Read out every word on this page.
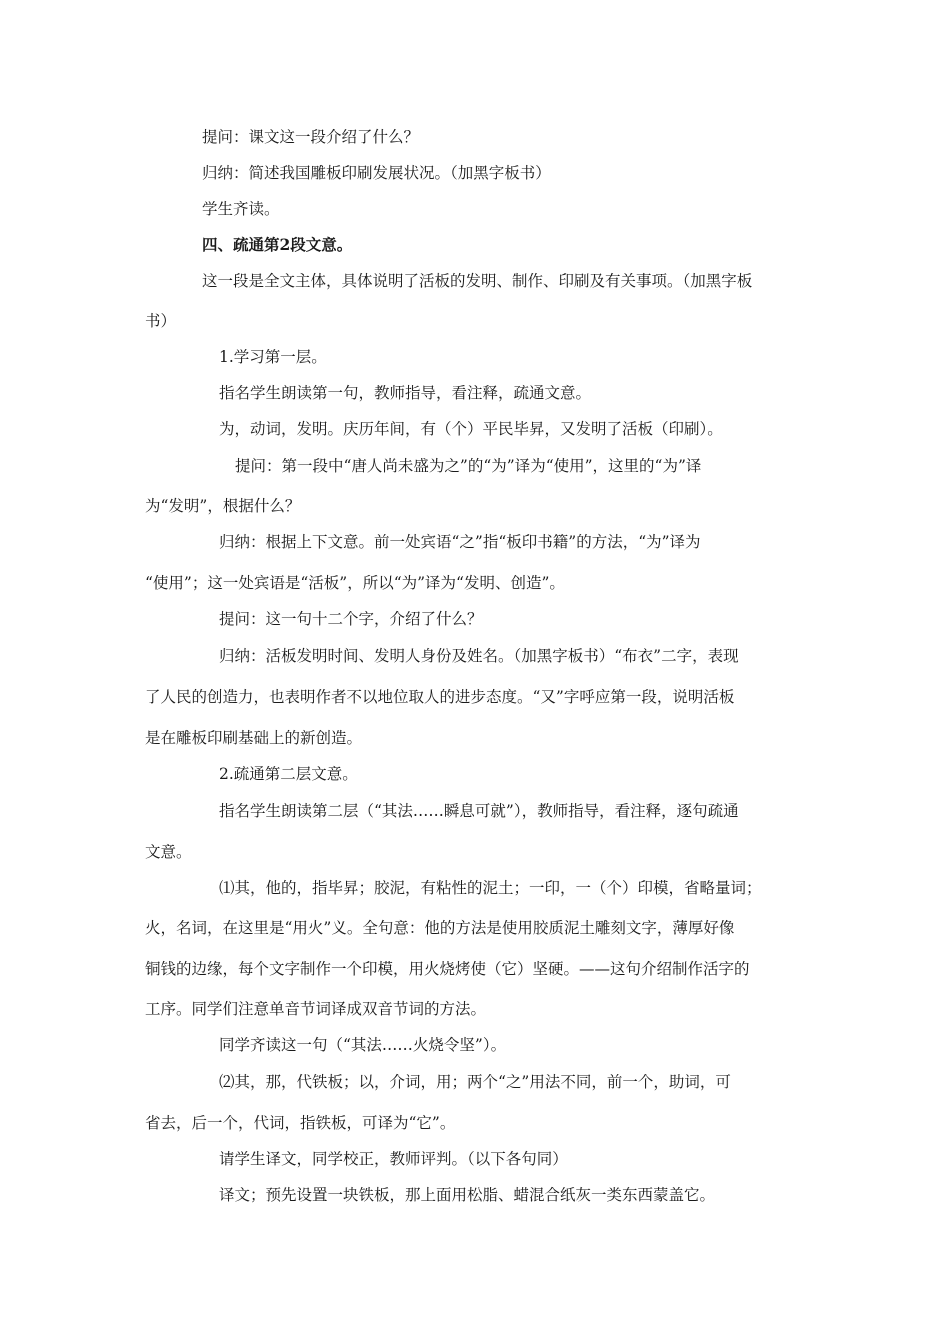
提问：课文这一段介绍了什么？
归纳：简述我国雕板印刷发展状况。（加黑字板书）
学生齐读。
四、疏通第2段文意。
这一段是全文主体，具体说明了活板的发明、制作、印刷及有关事项。（加黑字板
书）
1.学习第一层。
指名学生朗读第一句，教师指导，看注释，疏通文意。
为，动词，发明。庆历年间，有（个）平民毕昇，又发明了活板（印刷）。
提问：第一段中“唐人尚未盛为之”的“为”译为“使用”，这里的“为”译
为“发明”，根据什么？
归纳：根据上下文意。前一处宾语“之”指“板印书籍”的方法，“为”译为
“使用”；这一处宾语是“活板”，所以“为”译为“发明、创造”。
提问：这一句十二个字，介绍了什么？
归纳：活板发明时间、发明人身份及姓名。（加黑字板书）“布衣”二字，表现
了人民的创造力，也表明作者不以地位取人的进步态度。“又”字呼应第一段，说明活板
是在雕板印刷基础上的新创造。
2.疏通第二层文意。
指名学生朗读第二层（“其法……瞬息可就”），教师指导，看注释，逐句疏通
文意。
⑴其，他的，指毕昇；胶泥，有粘性的泥土；一印，一（个）印模，省略量词；
火，名词，在这里是“用火”义。全句意：他的方法是使用胶质泥土雕刻文字，薄厚好像
铜钱的边缘，每个文字制作一个印模，用火烧烤使（它）坚硬。——这句介绍制作活字的
工序。同学们注意单音节词译成双音节词的方法。
同学齐读这一句（“其法……火烧令坚”）。
⑵其，那，代铁板；以，介词，用；两个“之”用法不同，前一个，助词，可
省去，后一个，代词，指铁板，可译为“它”。
请学生译文，同学校正，教师评判。（以下各句同）
译文；预先设置一块铁板，那上面用松脂、蜡混合纸灰一类东西蒙盖它。
